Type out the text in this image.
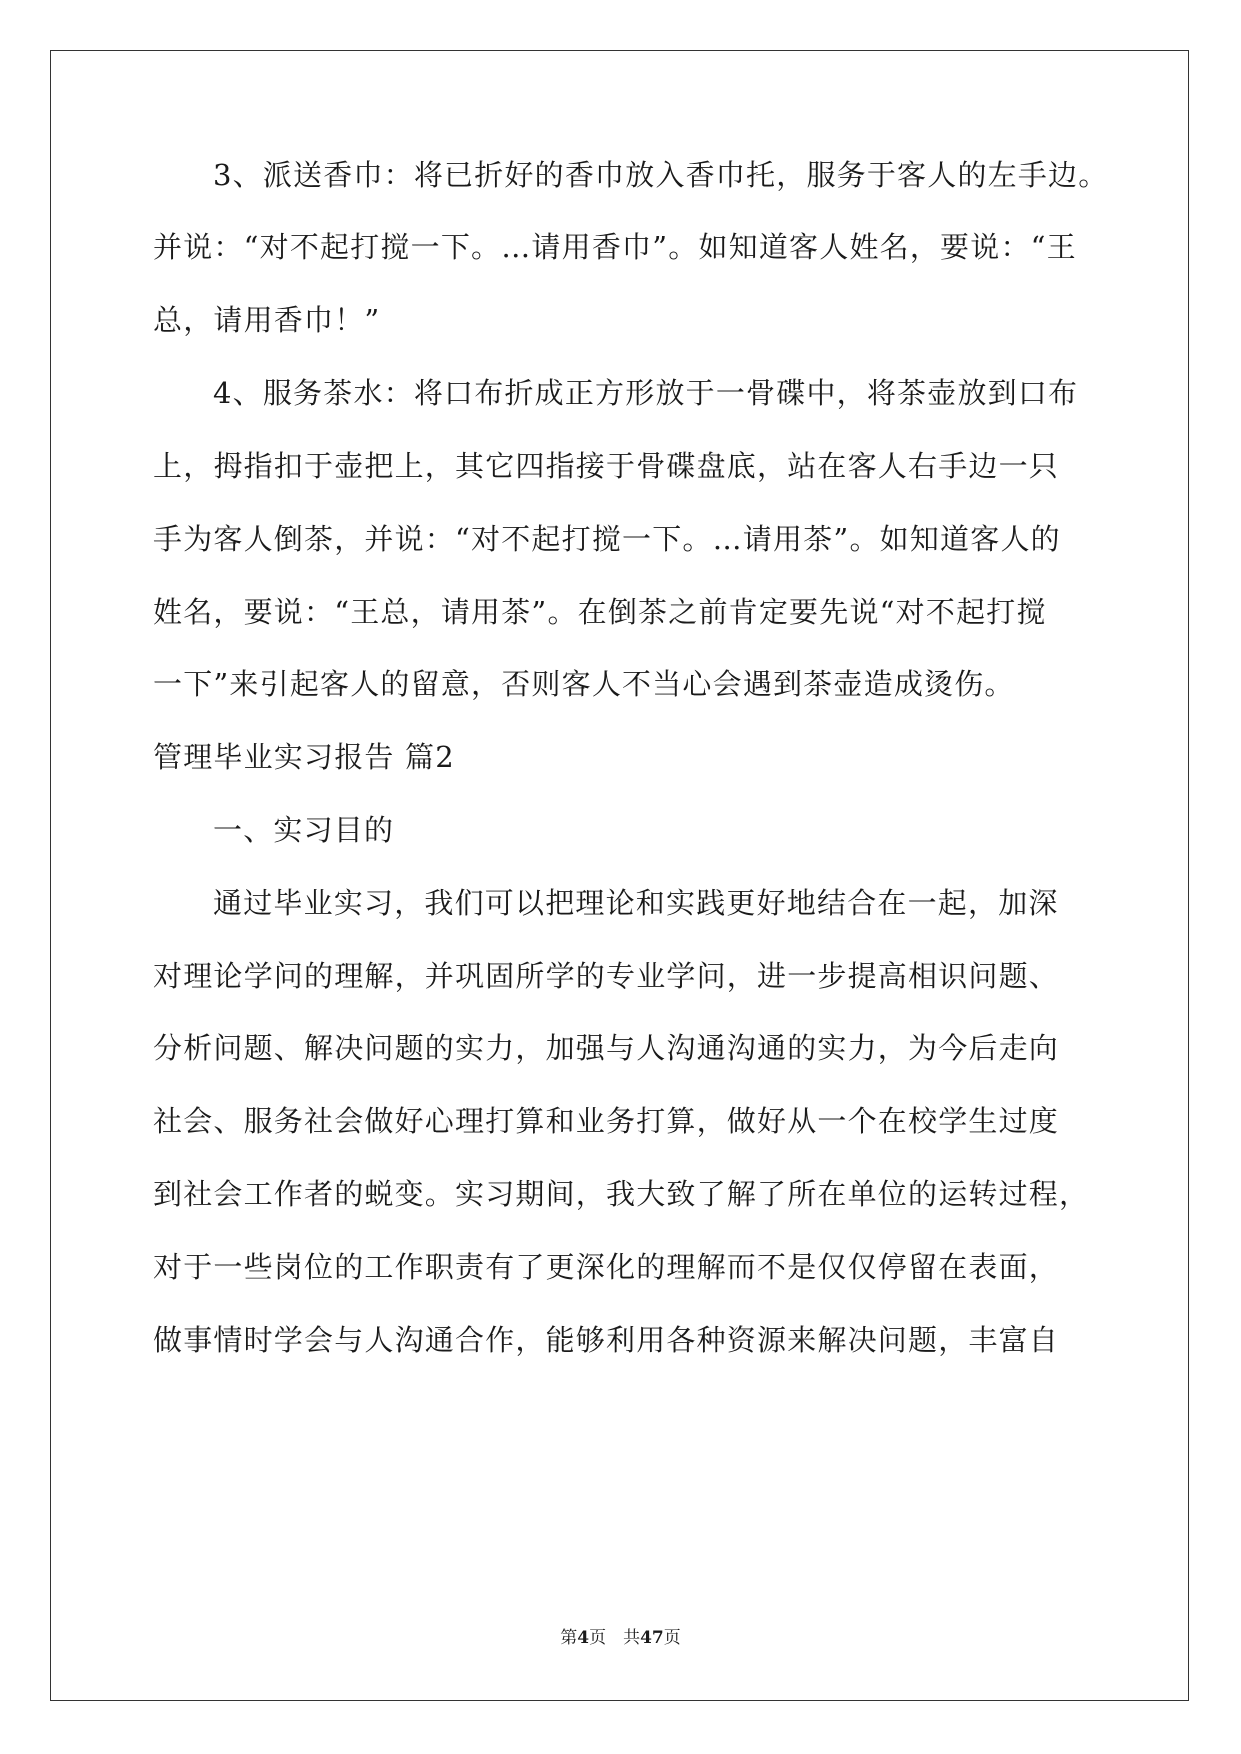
3、派送香巾：将已折好的香巾放入香巾托，服务于客人的左手边。
并说：“对不起打搅一下。…请用香巾”。如知道客人姓名，要说：“王
总，请用香巾！”
4、服务茶水：将口布折成正方形放于一骨碟中，将茶壶放到口布
上，拇指扣于壶把上，其它四指接于骨碟盘底，站在客人右手边一只
手为客人倒茶，并说：“对不起打搅一下。…请用茶”。如知道客人的
姓名，要说：“王总，请用茶”。在倒茶之前肯定要先说“对不起打搅
一下”来引起客人的留意，否则客人不当心会遇到茶壶造成烫伤。
管理毕业实习报告 篇2
一、实习目的
通过毕业实习，我们可以把理论和实践更好地结合在一起，加深
对理论学问的理解，并巩固所学的专业学问，进一步提高相识问题、
分析问题、解决问题的实力，加强与人沟通沟通的实力，为今后走向
社会、服务社会做好心理打算和业务打算，做好从一个在校学生过度
到社会工作者的蜕变。实习期间，我大致了解了所在单位的运转过程，
对于一些岗位的工作职责有了更深化的理解而不是仅仅停留在表面，
做事情时学会与人沟通合作，能够利用各种资源来解决问题，丰富自
第4页　共47页
